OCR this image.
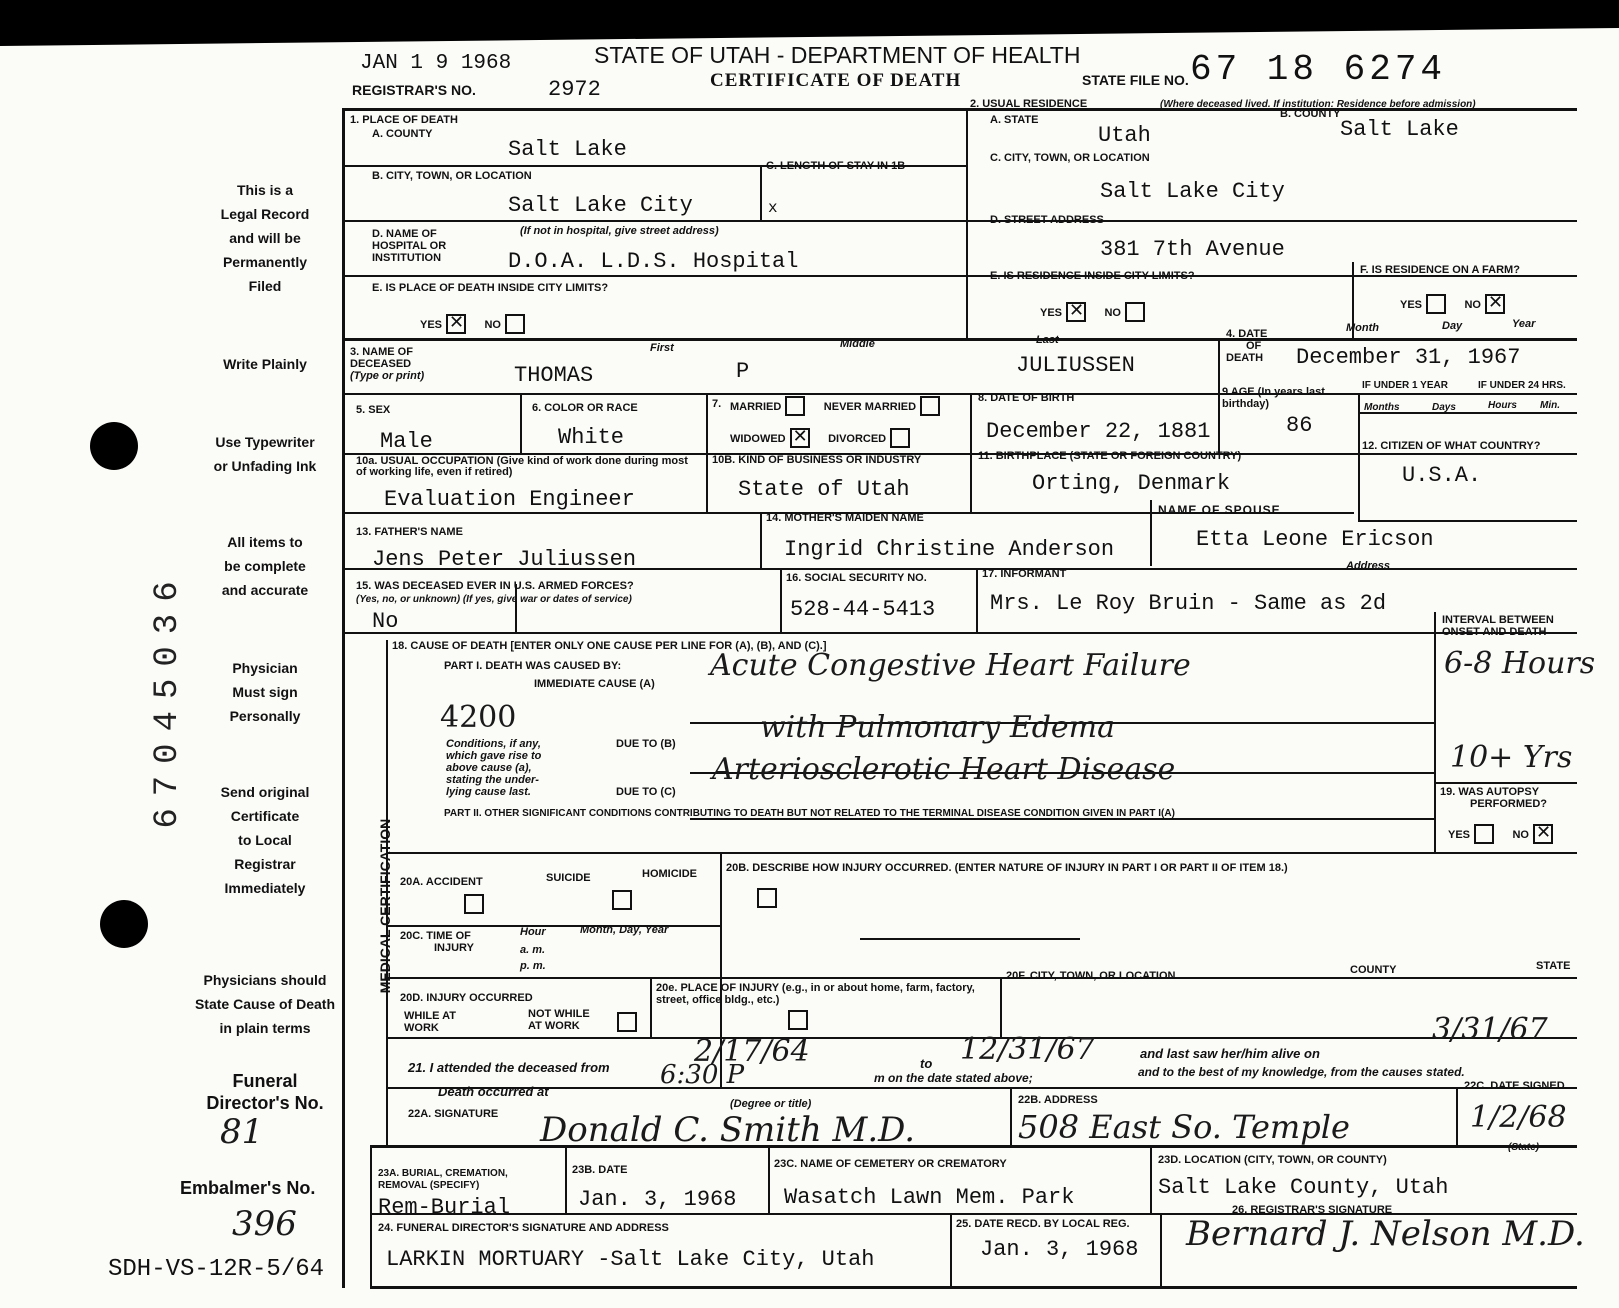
JAN 1 9 1968
REGISTRAR'S NO.	2972
STATE OF UTAH - DEPARTMENT OF HEALTH
CERTIFICATE OF DEATH	STATE FILE NO. 67 18 6274
This is a
Legal Record
and will be
Permanently
Filed
Write Plainly
Use Typewriter
or Unfading Ink
All items to
be complete
and accurate
Physician
Must sign
Personally
Send original
Certificate
to Local
Registrar
Immediately
Physicians should
State Cause of Death
in plain terms
Funeral
Director's No.
81
Embalmer's No.
396
SDH-VS-12R-5/64
67045036
1. PLACE OF DEATH
A. COUNTY
Salt Lake
B. CITY, TOWN, OR LOCATION
Salt Lake City
C. LENGTH OF STAY IN 1B
x
D. NAME OF
HOSPITAL OR
INSTITUTION
(If not in hospital, give street address)
D.O.A. L.D.S. Hospital
E. IS PLACE OF DEATH INSIDE CITY LIMITS?
YES ✕	NO
2. USUAL RESIDENCE	(Where deceased lived. If institution: Residence before admission)
A. STATE
Utah
B. COUNTY
Salt Lake
C. CITY, TOWN, OR LOCATION
Salt Lake City
D. STREET ADDRESS
381 7th Avenue
E. IS RESIDENCE INSIDE CITY LIMITS?
YES ✕	NO
F. IS RESIDENCE ON A FARM?
YES	NO✕
3. NAME OF
DECEASED
(Type or print)
First	Middle	Last
THOMAS	P	JULIUSSEN
4. DATE
OF
DEATH
Month	Day	Year
December 31, 1967
5. SEX
Male
6. COLOR OR RACE
White
7. MARRIED	NEVER MARRIED
WIDOWED ✕	DIVORCED
8. DATE OF BIRTH
December 22, 1881
9 AGE (In years last birthday)
86
IF UNDER 1 YEAR	IF UNDER 24 HRS.
Months	Days	Hours Min.
10a. USUAL OCCUPATION (Give kind of work done during most of working life, even if retired)
Evaluation Engineer
10B. KIND OF BUSINESS OR INDUSTRY
State of Utah
11. BIRTHPLACE (STATE OR FOREIGN COUNTRY)
Orting, Denmark
12. CITIZEN OF WHAT COUNTRY?
U.S.A.
13. FATHER'S NAME
Jens Peter Juliussen
14. MOTHER'S MAIDEN NAME
Ingrid Christine Anderson
NAME OF SPOUSE
Etta Leone Ericson
15. WAS DECEASED EVER IN U.S. ARMED FORCES?
(Yes, no, or unknown) (If yes, give war or dates of service)
No
16. SOCIAL SECURITY NO.
528-44-5413
17. INFORMANT
Address
Mrs. Le Roy Bruin - Same as 2d
18. CAUSE OF DEATH [ENTER ONLY ONE CAUSE PER LINE FOR (A), (B), AND (C).]
PART I. DEATH WAS CAUSED BY:
IMMEDIATE CAUSE (A)
Acute Congestive Heart Failure
4200
Conditions, if any,
which gave rise to
above cause (a),
stating the under-
lying cause last.
DUE TO (B)	with Pulmonary Edema
DUE TO (C)
Arteriosclerotic Heart Disease
INTERVAL BETWEEN
ONSET AND DEATH
6-8 Hours
10+ Yrs
PART II. OTHER SIGNIFICANT CONDITIONS CONTRIBUTING TO DEATH BUT NOT RELATED TO THE TERMINAL DISEASE CONDITION GIVEN IN PART I(A)
19. WAS AUTOPSY
PERFORMED?
YES	NO✕
MEDICAL CERTIFICATION 20A. ACCIDENT	SUICIDE	HOMICIDE
	20B. DESCRIBE HOW INJURY OCCURRED. (ENTER NATURE OF INJURY IN PART I OR PART II OF ITEM 18.)
20C. TIME OF
INJURY
Hour
a. m.
p. m.
Month, Day, Year
20D. INJURY OCCURRED
WHILE AT
WORK

NOT WHILE
AT WORK
20e. PLACE OF INJURY (e.g., in or about home, farm, factory, street, office bldg., etc.)
20F. CITY, TOWN, OR LOCATION	COUNTY	STATE
21. I attended the deceased from	2/17/64	to 12/31/67	and last saw her/him alive on
3/31/67
and to the best of my knowledge, from the causes stated.
Death occurred at
6:30 P	m on the date stated above;
22A. SIGNATURE
(Degree or title)
Donald C. Smith M.D.
22B. ADDRESS
508 East So. Temple
22C. DATE SIGNED
1/2/68
23A. BURIAL, CREMATION,
REMOVAL (SPECIFY)
Rem-Burial
23B. DATE
Jan. 3, 1968
23C. NAME OF CEMETERY OR CREMATORY
Wasatch Lawn Mem. Park
23D. LOCATION (CITY, TOWN, OR COUNTY)
(State)
Salt Lake County, Utah
24. FUNERAL DIRECTOR'S SIGNATURE AND ADDRESS
LARKIN MORTUARY -Salt Lake City, Utah
25. DATE RECD. BY LOCAL REG.
Jan. 3, 1968
26. REGISTRAR'S SIGNATURE
Bernard J. Nelson M.D.
